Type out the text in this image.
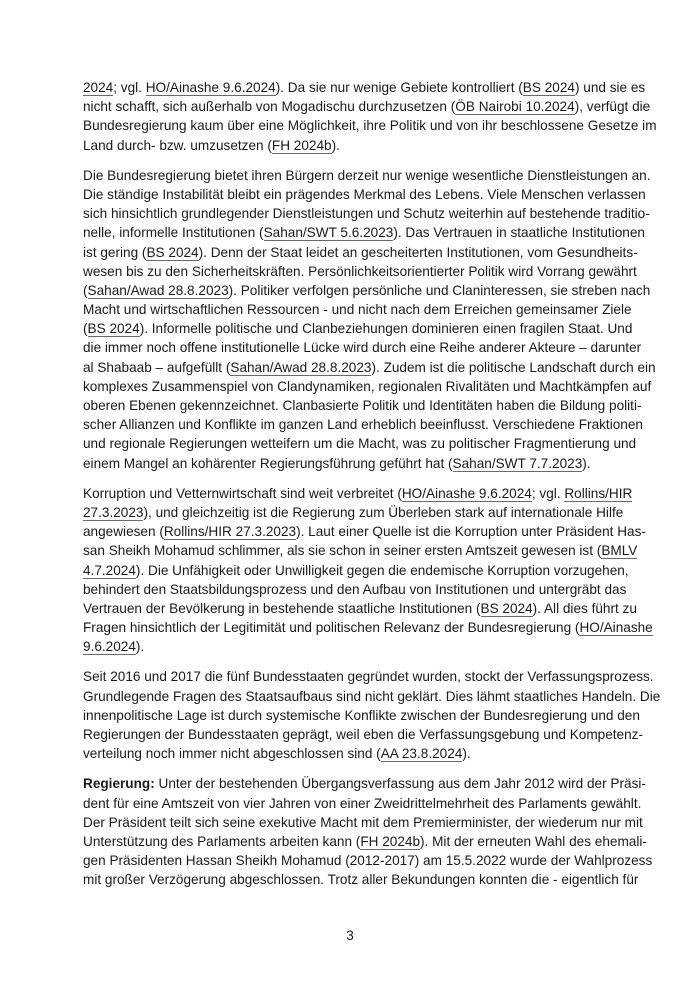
2024; vgl. HO/Ainashe 9.6.2024). Da sie nur wenige Gebiete kontrolliert (BS 2024) und sie es
nicht schafft, sich außerhalb von Mogadischu durchzusetzen (ÖB Nairobi 10.2024), verfügt die
Bundesregierung kaum über eine Möglichkeit, ihre Politik und von ihr beschlossene Gesetze im
Land durch- bzw. umzusetzen (FH 2024b).
Die Bundesregierung bietet ihren Bürgern derzeit nur wenige wesentliche Dienstleistungen an.
Die ständige Instabilität bleibt ein prägendes Merkmal des Lebens. Viele Menschen verlassen
sich hinsichtlich grundlegender Dienstleistungen und Schutz weiterhin auf bestehende traditio-
nelle, informelle Institutionen (Sahan/SWT 5.6.2023). Das Vertrauen in staatliche Institutionen
ist gering (BS 2024). Denn der Staat leidet an gescheiterten Institutionen, vom Gesundheits-
wesen bis zu den Sicherheitskräften. Persönlichkeitsorientierter Politik wird Vorrang gewährt
(Sahan/Awad 28.8.2023). Politiker verfolgen persönliche und Claninteressen, sie streben nach
Macht und wirtschaftlichen Ressourcen - und nicht nach dem Erreichen gemeinsamer Ziele
(BS 2024). Informelle politische und Clanbeziehungen dominieren einen fragilen Staat. Und
die immer noch offene institutionelle Lücke wird durch eine Reihe anderer Akteure – darunter
al Shabaab – aufgefüllt (Sahan/Awad 28.8.2023). Zudem ist die politische Landschaft durch ein
komplexes Zusammenspiel von Clandynamiken, regionalen Rivalitäten und Machtkämpfen auf
oberen Ebenen gekennzeichnet. Clanbasierte Politik und Identitäten haben die Bildung politi-
scher Allianzen und Konflikte im ganzen Land erheblich beeinflusst. Verschiedene Fraktionen
und regionale Regierungen wetteifern um die Macht, was zu politischer Fragmentierung und
einem Mangel an kohärenter Regierungsführung geführt hat (Sahan/SWT 7.7.2023).
Korruption und Vetternwirtschaft sind weit verbreitet (HO/Ainashe 9.6.2024; vgl. Rollins/HIR
27.3.2023), und gleichzeitig ist die Regierung zum Überleben stark auf internationale Hilfe
angewiesen (Rollins/HIR 27.3.2023). Laut einer Quelle ist die Korruption unter Präsident Has-
san Sheikh Mohamud schlimmer, als sie schon in seiner ersten Amtszeit gewesen ist (BMLV
4.7.2024). Die Unfähigkeit oder Unwilligkeit gegen die endemische Korruption vorzugehen,
behindert den Staatsbildungsprozess und den Aufbau von Institutionen und untergräbt das
Vertrauen der Bevölkerung in bestehende staatliche Institutionen (BS 2024). All dies führt zu
Fragen hinsichtlich der Legitimität und politischen Relevanz der Bundesregierung (HO/Ainashe
9.6.2024).
Seit 2016 und 2017 die fünf Bundesstaaten gegründet wurden, stockt der Verfassungsprozess.
Grundlegende Fragen des Staatsaufbaus sind nicht geklärt. Dies lähmt staatliches Handeln. Die
innenpolitische Lage ist durch systemische Konflikte zwischen der Bundesregierung und den
Regierungen der Bundesstaaten geprägt, weil eben die Verfassungsgebung und Kompetenz-
verteilung noch immer nicht abgeschlossen sind (AA 23.8.2024).
Regierung: Unter der bestehenden Übergangsverfassung aus dem Jahr 2012 wird der Präsi-
dent für eine Amtszeit von vier Jahren von einer Zweidrittelmehrheit des Parlaments gewählt.
Der Präsident teilt sich seine exekutive Macht mit dem Premierminister, der wiederum nur mit
Unterstützung des Parlaments arbeiten kann (FH 2024b). Mit der erneuten Wahl des ehemali-
gen Präsidenten Hassan Sheikh Mohamud (2012-2017) am 15.5.2022 wurde der Wahlprozess
mit großer Verzögerung abgeschlossen. Trotz aller Bekundungen konnten die - eigentlich für
3
